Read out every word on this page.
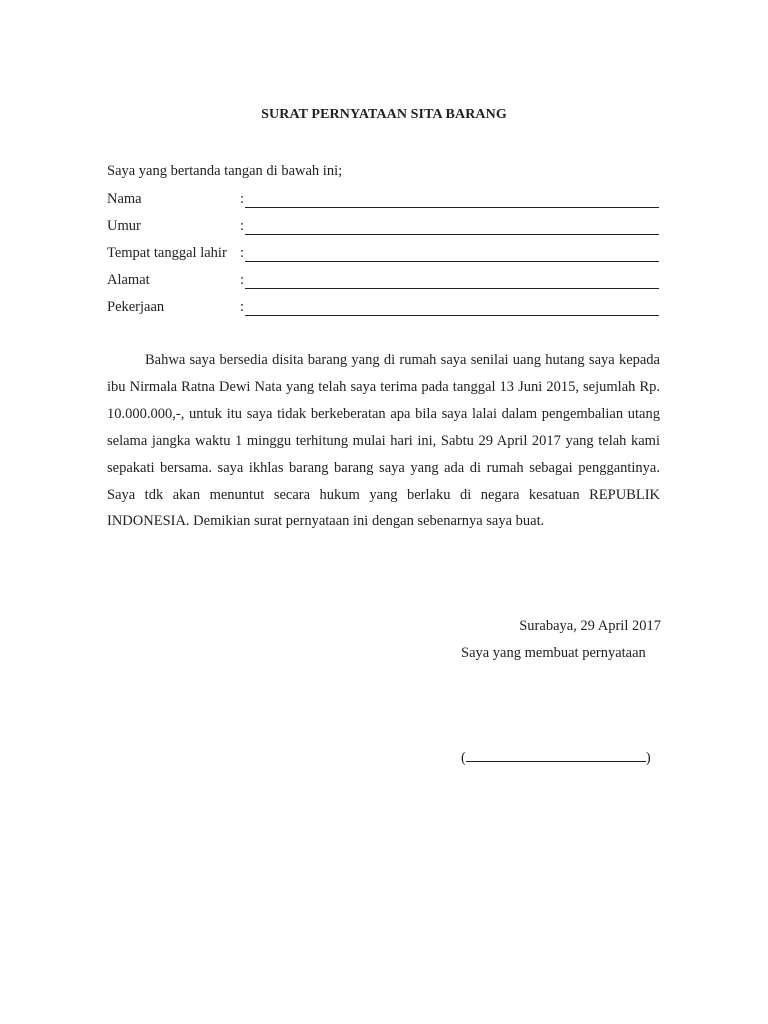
SURAT PERNYATAAN SITA BARANG
Saya yang bertanda tangan di bawah ini;
Nama	:
Umur	:
Tempat tanggal lahir :
Alamat	:
Pekerjaan	:

Bahwa saya bersedia disita barang yang di rumah saya senilai uang hutang saya kepada ibu Nirmala Ratna Dewi Nata yang telah saya terima pada tanggal 13 Juni 2015, sejumlah Rp. 10.000.000,-, untuk itu saya tidak berkeberatan apa bila saya lalai dalam pengembalian utang selama jangka waktu 1 minggu terhitung mulai hari ini, Sabtu 29 April 2017 yang telah kami sepakati bersama. saya ikhlas barang barang saya yang ada di rumah sebagai penggantinya. Saya tdk akan menuntut secara hukum yang berlaku di negara kesatuan REPUBLIK INDONESIA. Demikian surat pernyataan ini dengan sebenarnya saya buat.

Surabaya, 29 April 2017
Saya yang membuat pernyataan
(	)
